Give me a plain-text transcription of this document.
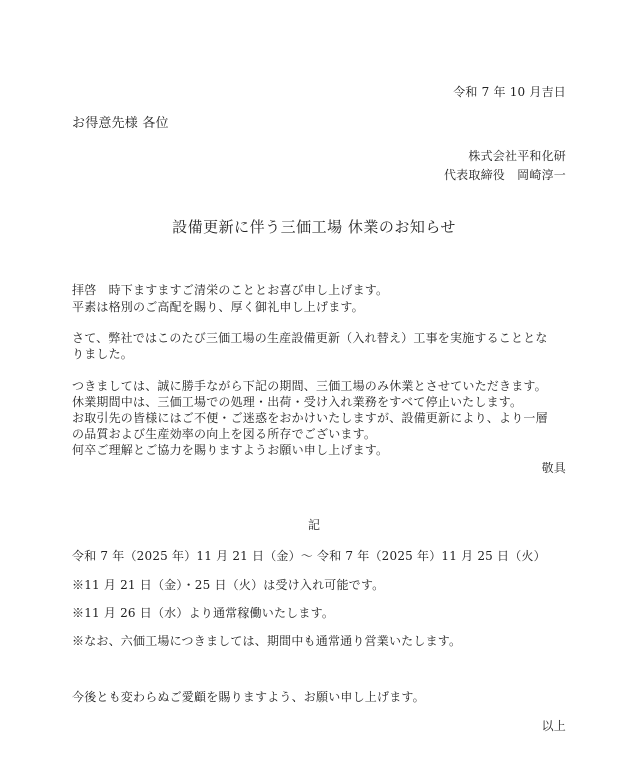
令和 7 年 10 月吉日
お得意先様 各位
株式会社平和化研
代表取締役　岡崎淳一
設備更新に伴う三価工場 休業のお知らせ
拝啓　時下ますますご清栄のこととお喜び申し上げます。
平素は格別のご高配を賜り、厚く御礼申し上げます。
さて、弊社ではこのたび三価工場の生産設備更新（入れ替え）工事を実施することとな
りました。
つきましては、誠に勝手ながら下記の期間、三価工場のみ休業とさせていただきます。
休業期間中は、三価工場での処理・出荷・受け入れ業務をすべて停止いたします。
お取引先の皆様にはご不便・ご迷惑をおかけいたしますが、設備更新により、より一層
の品質および生産効率の向上を図る所存でございます。
何卒ご理解とご協力を賜りますようお願い申し上げます。
敬具
記
令和 7 年（2025 年）11 月 21 日（金）～ 令和 7 年（2025 年）11 月 25 日（火）
※11 月 21 日（金）・25 日（火）は受け入れ可能です。
※11 月 26 日（水）より通常稼働いたします。
※なお、六価工場につきましては、期間中も通常通り営業いたします。
今後とも変わらぬご愛顧を賜りますよう、お願い申し上げます。
以上
